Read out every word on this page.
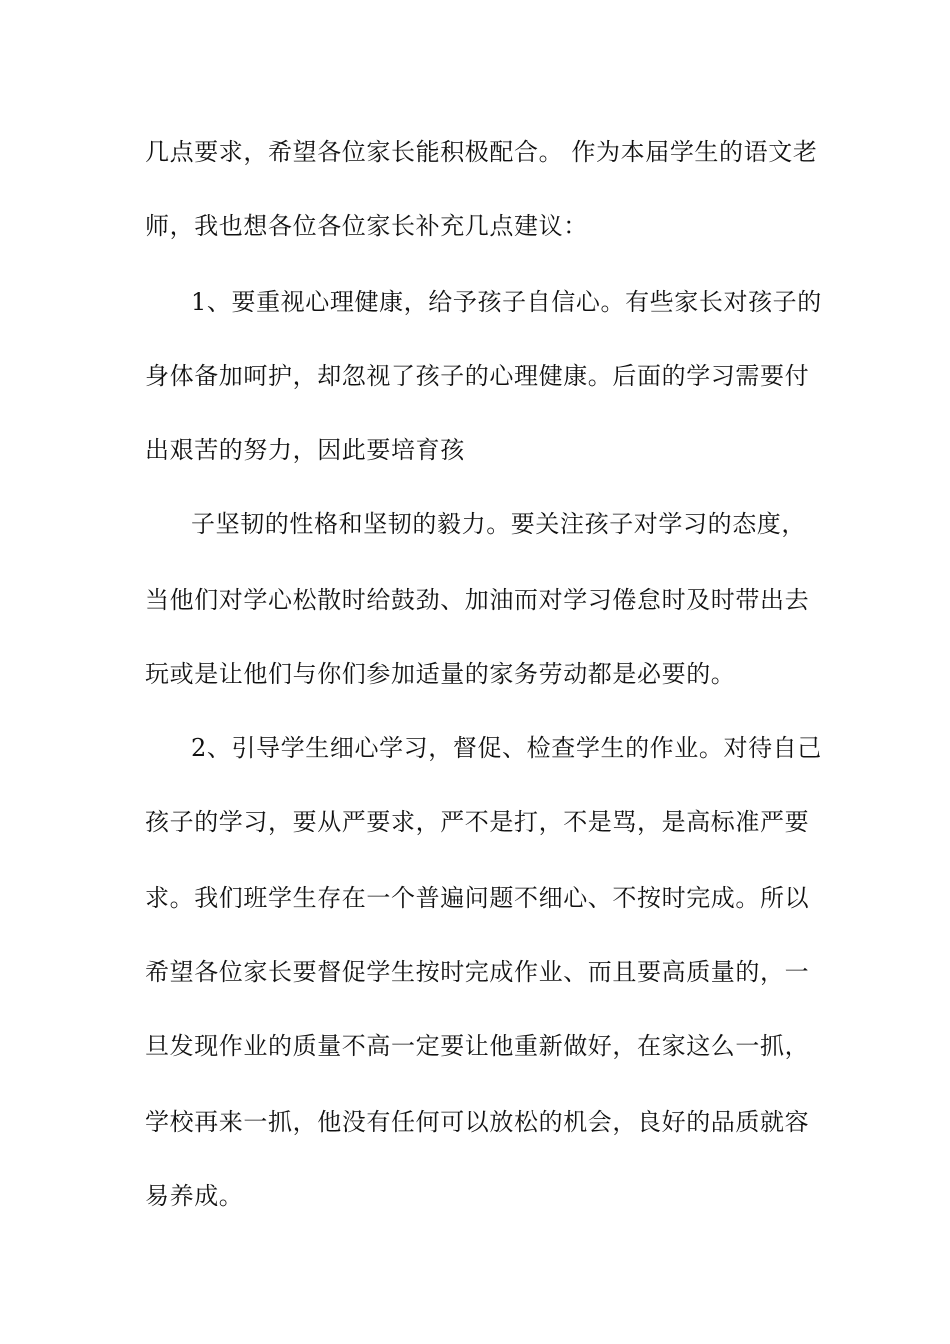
几点要求，希望各位家长能积极配合。 作为本届学生的语文老
师，我也想各位各位家长补充几点建议：
1、要重视心理健康，给予孩子自信心。有些家长对孩子的
身体备加呵护，却忽视了孩子的心理健康。后面的学习需要付
出艰苦的努力，因此要培育孩
子坚韧的性格和坚韧的毅力。要关注孩子对学习的态度，
当他们对学心松散时给鼓劲、加油而对学习倦怠时及时带出去
玩或是让他们与你们参加适量的家务劳动都是必要的。
2、引导学生细心学习，督促、检查学生的作业。对待自己
孩子的学习，要从严要求，严不是打，不是骂，是高标准严要
求。我们班学生存在一个普遍问题不细心、不按时完成。所以
希望各位家长要督促学生按时完成作业、而且要高质量的，一
旦发现作业的质量不高一定要让他重新做好，在家这么一抓，
学校再来一抓，他没有任何可以放松的机会，良好的品质就容
易养成。
